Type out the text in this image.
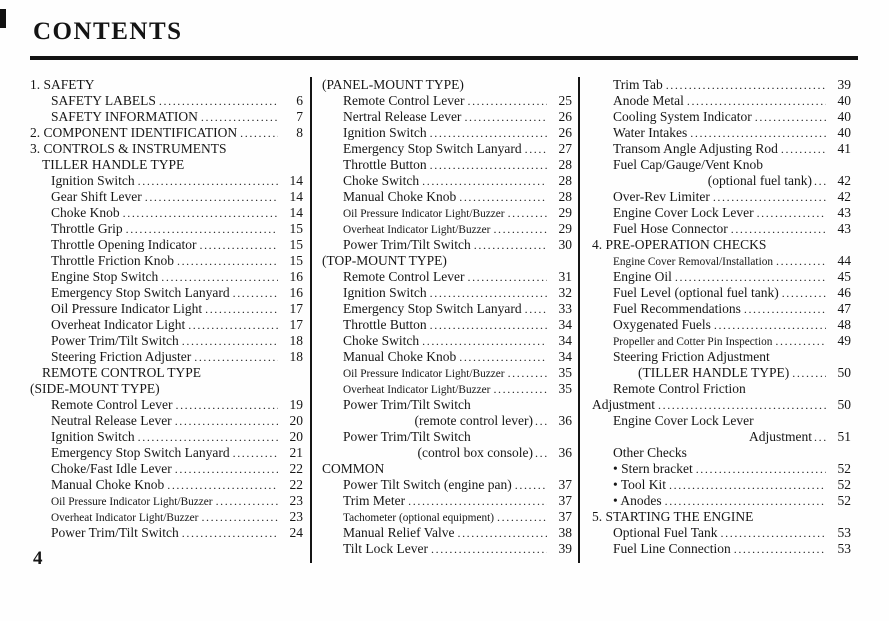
CONTENTS
1. SAFETY
SAFETY LABELS .....	6
SAFETY INFORMATION .....	7
2. COMPONENT IDENTIFICATION .....	8
3. CONTROLS & INSTRUMENTS
TILLER HANDLE TYPE
Ignition Switch .....	14
Gear Shift Lever .....	14
Choke Knob .....	14
Throttle Grip .....	15
Throttle Opening Indicator .....	15
Throttle Friction Knob .....	15
Engine Stop Switch .....	16
Emergency Stop Switch Lanyard .....	16
Oil Pressure Indicator Light .....	17
Overheat Indicator Light .....	17
Power Trim/Tilt Switch .....	18
Steering Friction Adjuster .....	18
REMOTE CONTROL TYPE
(SIDE-MOUNT TYPE)
Remote Control Lever .....	19
Neutral Release Lever .....	20
Ignition Switch .....	20
Emergency Stop Switch Lanyard .....	21
Choke/Fast Idle Lever .....	22
Manual Choke Knob .....	22
Oil Pressure Indicator Light/Buzzer .....	23
Overheat Indicator Light/Buzzer .....	23
Power Trim/Tilt Switch .....	24
(PANEL-MOUNT TYPE)
Remote Control Lever .....	25
Nertral Release Lever .....	26
Ignition Switch .....	26
Emergency Stop Switch Lanyard .....	27
Throttle Button .....	28
Choke Switch .....	28
Manual Choke Knob .....	28
Oil Pressure Indicator Light/Buzzer .....	29
Overheat Indicator Light/Buzzer .....	29
Power Trim/Tilt Switch .....	30
(TOP-MOUNT TYPE)
Remote Control Lever .....	31
Ignition Switch .....	32
Emergency Stop Switch Lanyard .....	33
Throttle Button .....	34
Choke Switch .....	34
Manual Choke Knob .....	34
Oil Pressure Indicator Light/Buzzer .....	35
Overheat Indicator Light/Buzzer .....	35
Power Trim/Tilt Switch
(remote control lever) .....	36
Power Trim/Tilt Switch
(control box console) .....	36
COMMON
Power Tilt Switch (engine pan) .....	37
Trim Meter .....	37
Tachometer (optional equipment) .....	37
Manual Relief Valve .....	38
Tilt Lock Lever .....	39
Trim Tab .....	39
Anode Metal .....	40
Cooling System Indicator .....	40
Water Intakes .....	40
Transom Angle Adjusting Rod .....	41
Fuel Cap/Gauge/Vent Knob
(optional fuel tank) .....	42
Over-Rev Limiter .....	42
Engine Cover Lock Lever .....	43
Fuel Hose Connector .....	43
4. PRE-OPERATION CHECKS
Engine Cover Removal/Installation .....	44
Engine Oil .....	45
Fuel Level (optional fuel tank) .....	46
Fuel Recommendations .....	47
Oxygenated Fuels .....	48
Propeller and Cotter Pin Inspection .....	49
Steering Friction Adjustment
(TILLER HANDLE TYPE) .....	50
Remote Control Friction
Adjustment .....	50
Engine Cover Lock Lever
Adjustment .....	51
Other Checks
• Stern bracket .....	52
• Tool Kit .....	52
• Anodes .....	52
5. STARTING THE ENGINE
Optional Fuel Tank .....	53
Fuel Line Connection .....	53
4
